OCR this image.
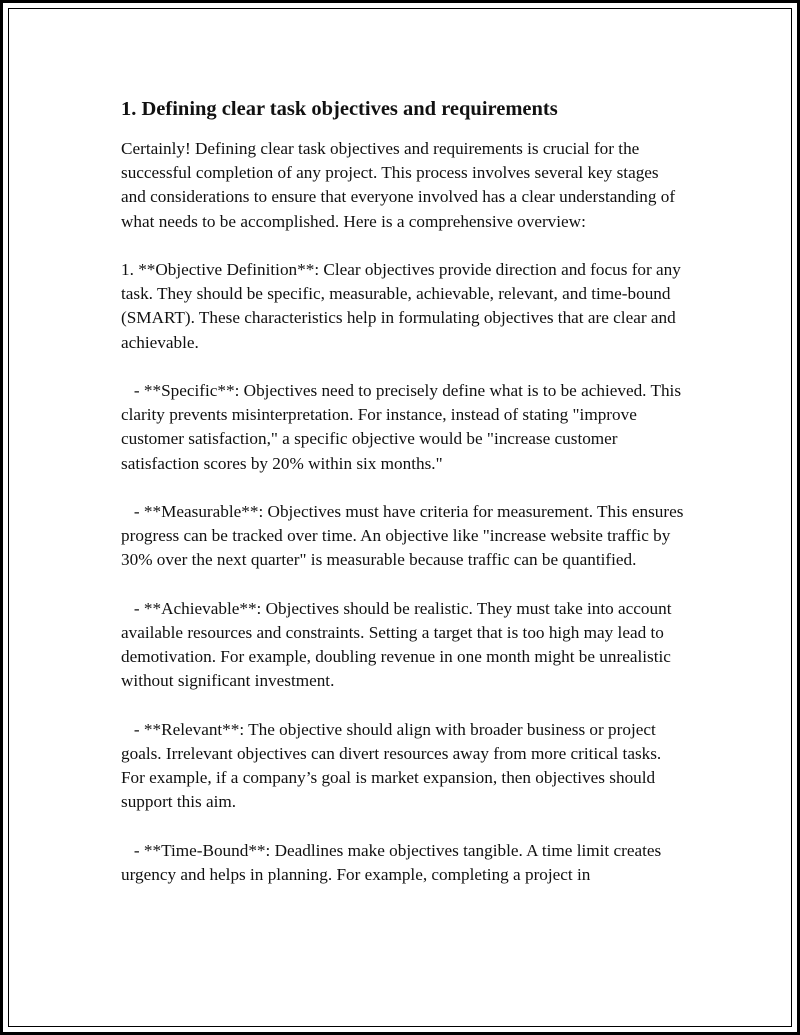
1. Defining clear task objectives and requirements

Certainly! Defining clear task objectives and requirements is crucial for the successful completion of any project. This process involves several key stages and considerations to ensure that everyone involved has a clear understanding of what needs to be accomplished. Here is a comprehensive overview:

1. **Objective Definition**: Clear objectives provide direction and focus for any task. They should be specific, measurable, achievable, relevant, and time-bound (SMART). These characteristics help in formulating objectives that are clear and achievable.

- **Specific**: Objectives need to precisely define what is to be achieved. This clarity prevents misinterpretation. For instance, instead of stating "improve customer satisfaction," a specific objective would be "increase customer satisfaction scores by 20% within six months."

- **Measurable**: Objectives must have criteria for measurement. This ensures progress can be tracked over time. An objective like "increase website traffic by 30% over the next quarter" is measurable because traffic can be quantified.

- **Achievable**: Objectives should be realistic. They must take into account available resources and constraints. Setting a target that is too high may lead to demotivation. For example, doubling revenue in one month might be unrealistic without significant investment.

- **Relevant**: The objective should align with broader business or project goals. Irrelevant objectives can divert resources away from more critical tasks. For example, if a company’s goal is market expansion, then objectives should support this aim.

- **Time-Bound**: Deadlines make objectives tangible. A time limit creates urgency and helps in planning. For example, completing a project in
